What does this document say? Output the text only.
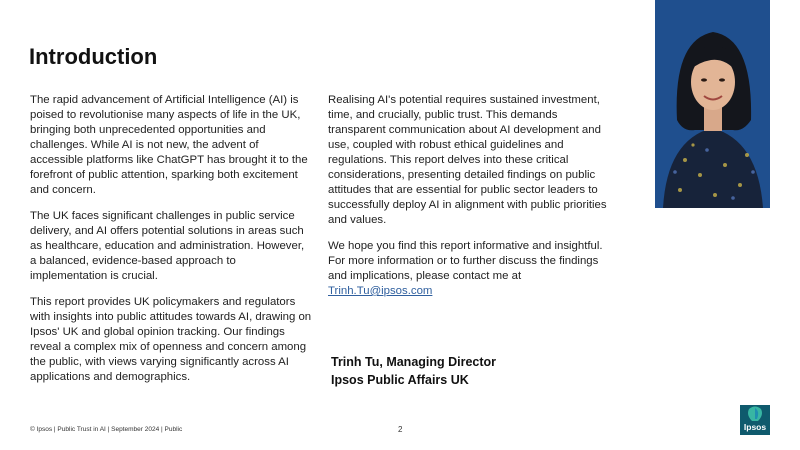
Introduction

The rapid advancement of Artificial Intelligence (AI) is poised to revolutionise many aspects of life in the UK, bringing both unprecedented opportunities and challenges. While AI is not new, the advent of accessible platforms like ChatGPT has brought it to the forefront of public attention, sparking both excitement and concern.

The UK faces significant challenges in public service delivery, and AI offers potential solutions in areas such as healthcare, education and administration. However, a balanced, evidence-based approach to implementation is crucial.

This report provides UK policymakers and regulators with insights into public attitudes towards AI, drawing on Ipsos' UK and global opinion tracking. Our findings reveal a complex mix of openness and concern among the public, with views varying significantly across AI applications and demographics.

Realising AI's potential requires sustained investment, time, and crucially, public trust. This demands transparent communication about AI development and use, coupled with robust ethical guidelines and regulations. This report delves into these critical considerations, presenting detailed findings on public attitudes that are essential for public sector leaders to successfully deploy AI in alignment with public priorities and values.

We hope you find this report informative and insightful. For more information or to further discuss the findings and implications, please contact me at
Trinh.Tu@ipsos.com

Trinh Tu, Managing Director
Ipsos Public Affairs UK
© Ipsos | Public Trust in AI | September 2024 | Public	2	Ipsos
